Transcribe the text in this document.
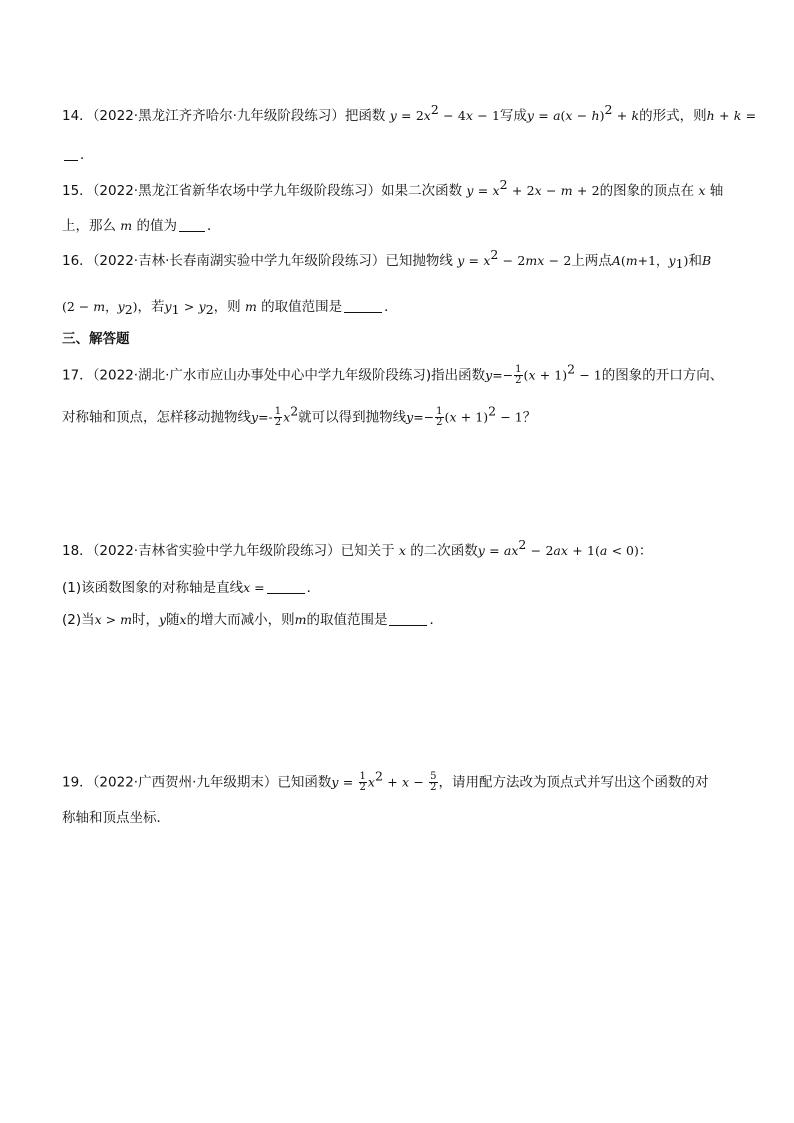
14．（2022·黑龙江齐齐哈尔·九年级阶段练习）把函数 $y = 2x^2 - 4x - 1$写成$y = a(x - h)^2 + k$的形式，则h + k =
．
15．（2022·黑龙江省新华农场中学九年级阶段练习）如果二次函数 $y = x^2 + 2x - m + 2$的图象的顶点在 x 轴
上，那么 m 的值为 ．
16．（2022·吉林·长春南湖实验中学九年级阶段练习）已知抛物线 $y = x^2 - 2mx - 2$上两点A(m+1，$y_1$)和B
(2 − m，$y_2$)，若$y_1 > y_2$，则 m 的取值范围是	．
三、解答题
17．（2022·湖北·广水市应山办事处中心中学九年级阶段练习)指出函数$y=- \frac{1}{2} (x + 1)^2 - 1$的图象的开口方向、
对称轴和顶点，怎样移动抛物线$y=- \frac{1}{2} x^2$就可以得到抛物线$y=- \frac{1}{2} (x + 1)^2 - 1$？
18．（2022·吉林省实验中学九年级阶段练习）已知关于 x 的二次函数$y = ax^2 - 2ax + 1(a < 0)$：
(1)该函数图象的对称轴是直线x =	．
(2)当x > m时，y随x的增大而减小，则m的取值范围是	．
19．（2022·广西贺州·九年级期末）已知函数$y = \frac{1}{2} x^2 + x - \frac{5}{2}$ ，请用配方法改为顶点式并写出这个函数的对
称轴和顶点坐标．
